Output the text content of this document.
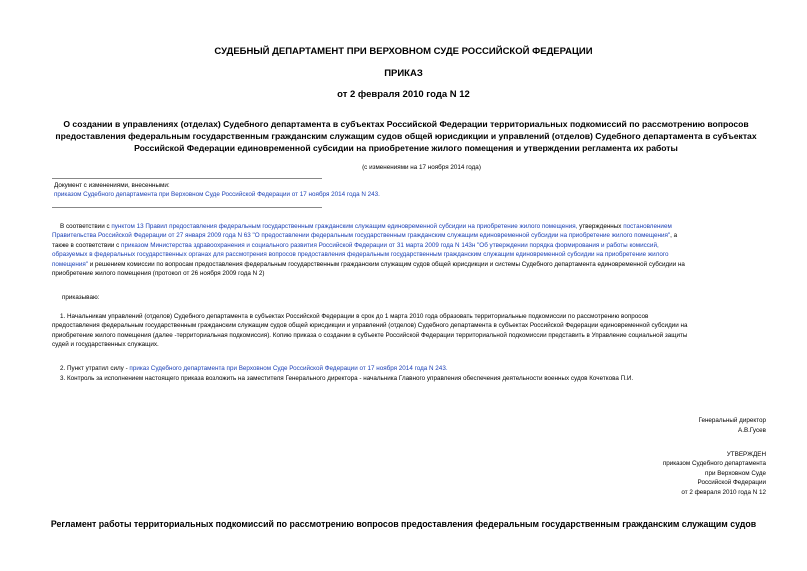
СУДЕБНЫЙ ДЕПАРТАМЕНТ ПРИ ВЕРХОВНОМ СУДЕ РОССИЙСКОЙ ФЕДЕРАЦИИ
ПРИКАЗ
от 2 февраля 2010 года N 12
О создании в управлениях (отделах) Судебного департамента в субъектах Российской Федерации территориальных подкомиссий по рассмотрению вопросов
предоставления федеральным государственным гражданским служащим судов общей юрисдикции и управлений (отделов) Судебного департамента в субъектах
Российской Федерации единовременной субсидии на приобретение жилого помещения и утверждении регламента их работы
(с изменениями на 17 ноября 2014 года)
Документ с изменениями, внесенными:
приказом Судебного департамента при Верховном Суде Российской Федерации от 17 ноября 2014 года N 243.
В соответствии с пунктом 13 Правил предоставления федеральным государственным гражданским служащим единовременной субсидии на приобретение жилого помещения, утвержденных постановлением
Правительства Российской Федерации от 27 января 2009 года N 63 "О предоставлении федеральным государственным гражданским служащим единовременной субсидии на приобретение жилого помещения", а
также в соответствии с приказом Министерства здравоохранения и социального развития Российской Федерации от 31 марта 2009 года N 143н "Об утверждении порядка формирования и работы комиссий,
образуемых в федеральных государственных органах для рассмотрения вопросов предоставления федеральным государственным гражданским служащим единовременной субсидии на приобретение жилого
помещения" и решением комиссии по вопросам предоставления федеральным государственным гражданским служащим судов общей юрисдикции и системы Судебного департамента единовременной субсидии на
приобретение жилого помещения (протокол от 26 ноября 2009 года N 2)
приказываю:
1. Начальникам управлений (отделов) Судебного департамента в субъектах Российской Федерации в срок до 1 марта 2010 года образовать территориальные подкомиссии по рассмотрению вопросов
предоставления федеральным государственным гражданским служащим судов общей юрисдикции и управлений (отделов) Судебного департамента в субъектах Российской Федерации единовременной субсидии на
приобретение жилого помещения (далее -территориальная подкомиссия). Копию приказа о создании в субъекте Российской Федерации территориальной подкомиссии представить в Управление социальной защиты
судей и государственных служащих.
2. Пункт утратил силу - приказ Судебного департамента при Верховном Суде Российской Федерации от 17 ноября 2014 года N 243.
3. Контроль за исполнением настоящего приказа возложить на заместителя Генерального директора - начальника Главного управления обеспечения деятельности военных судов Кочеткова П.И.
Генеральный директор
А.В.Гусев
УТВЕРЖДЕН
приказом Судебного департамента
при Верховном Суде
Российской Федерации
от 2 февраля 2010 года N 12
Регламент работы территориальных подкомиссий по рассмотрению вопросов предоставления федеральным государственным гражданским служащим судов
